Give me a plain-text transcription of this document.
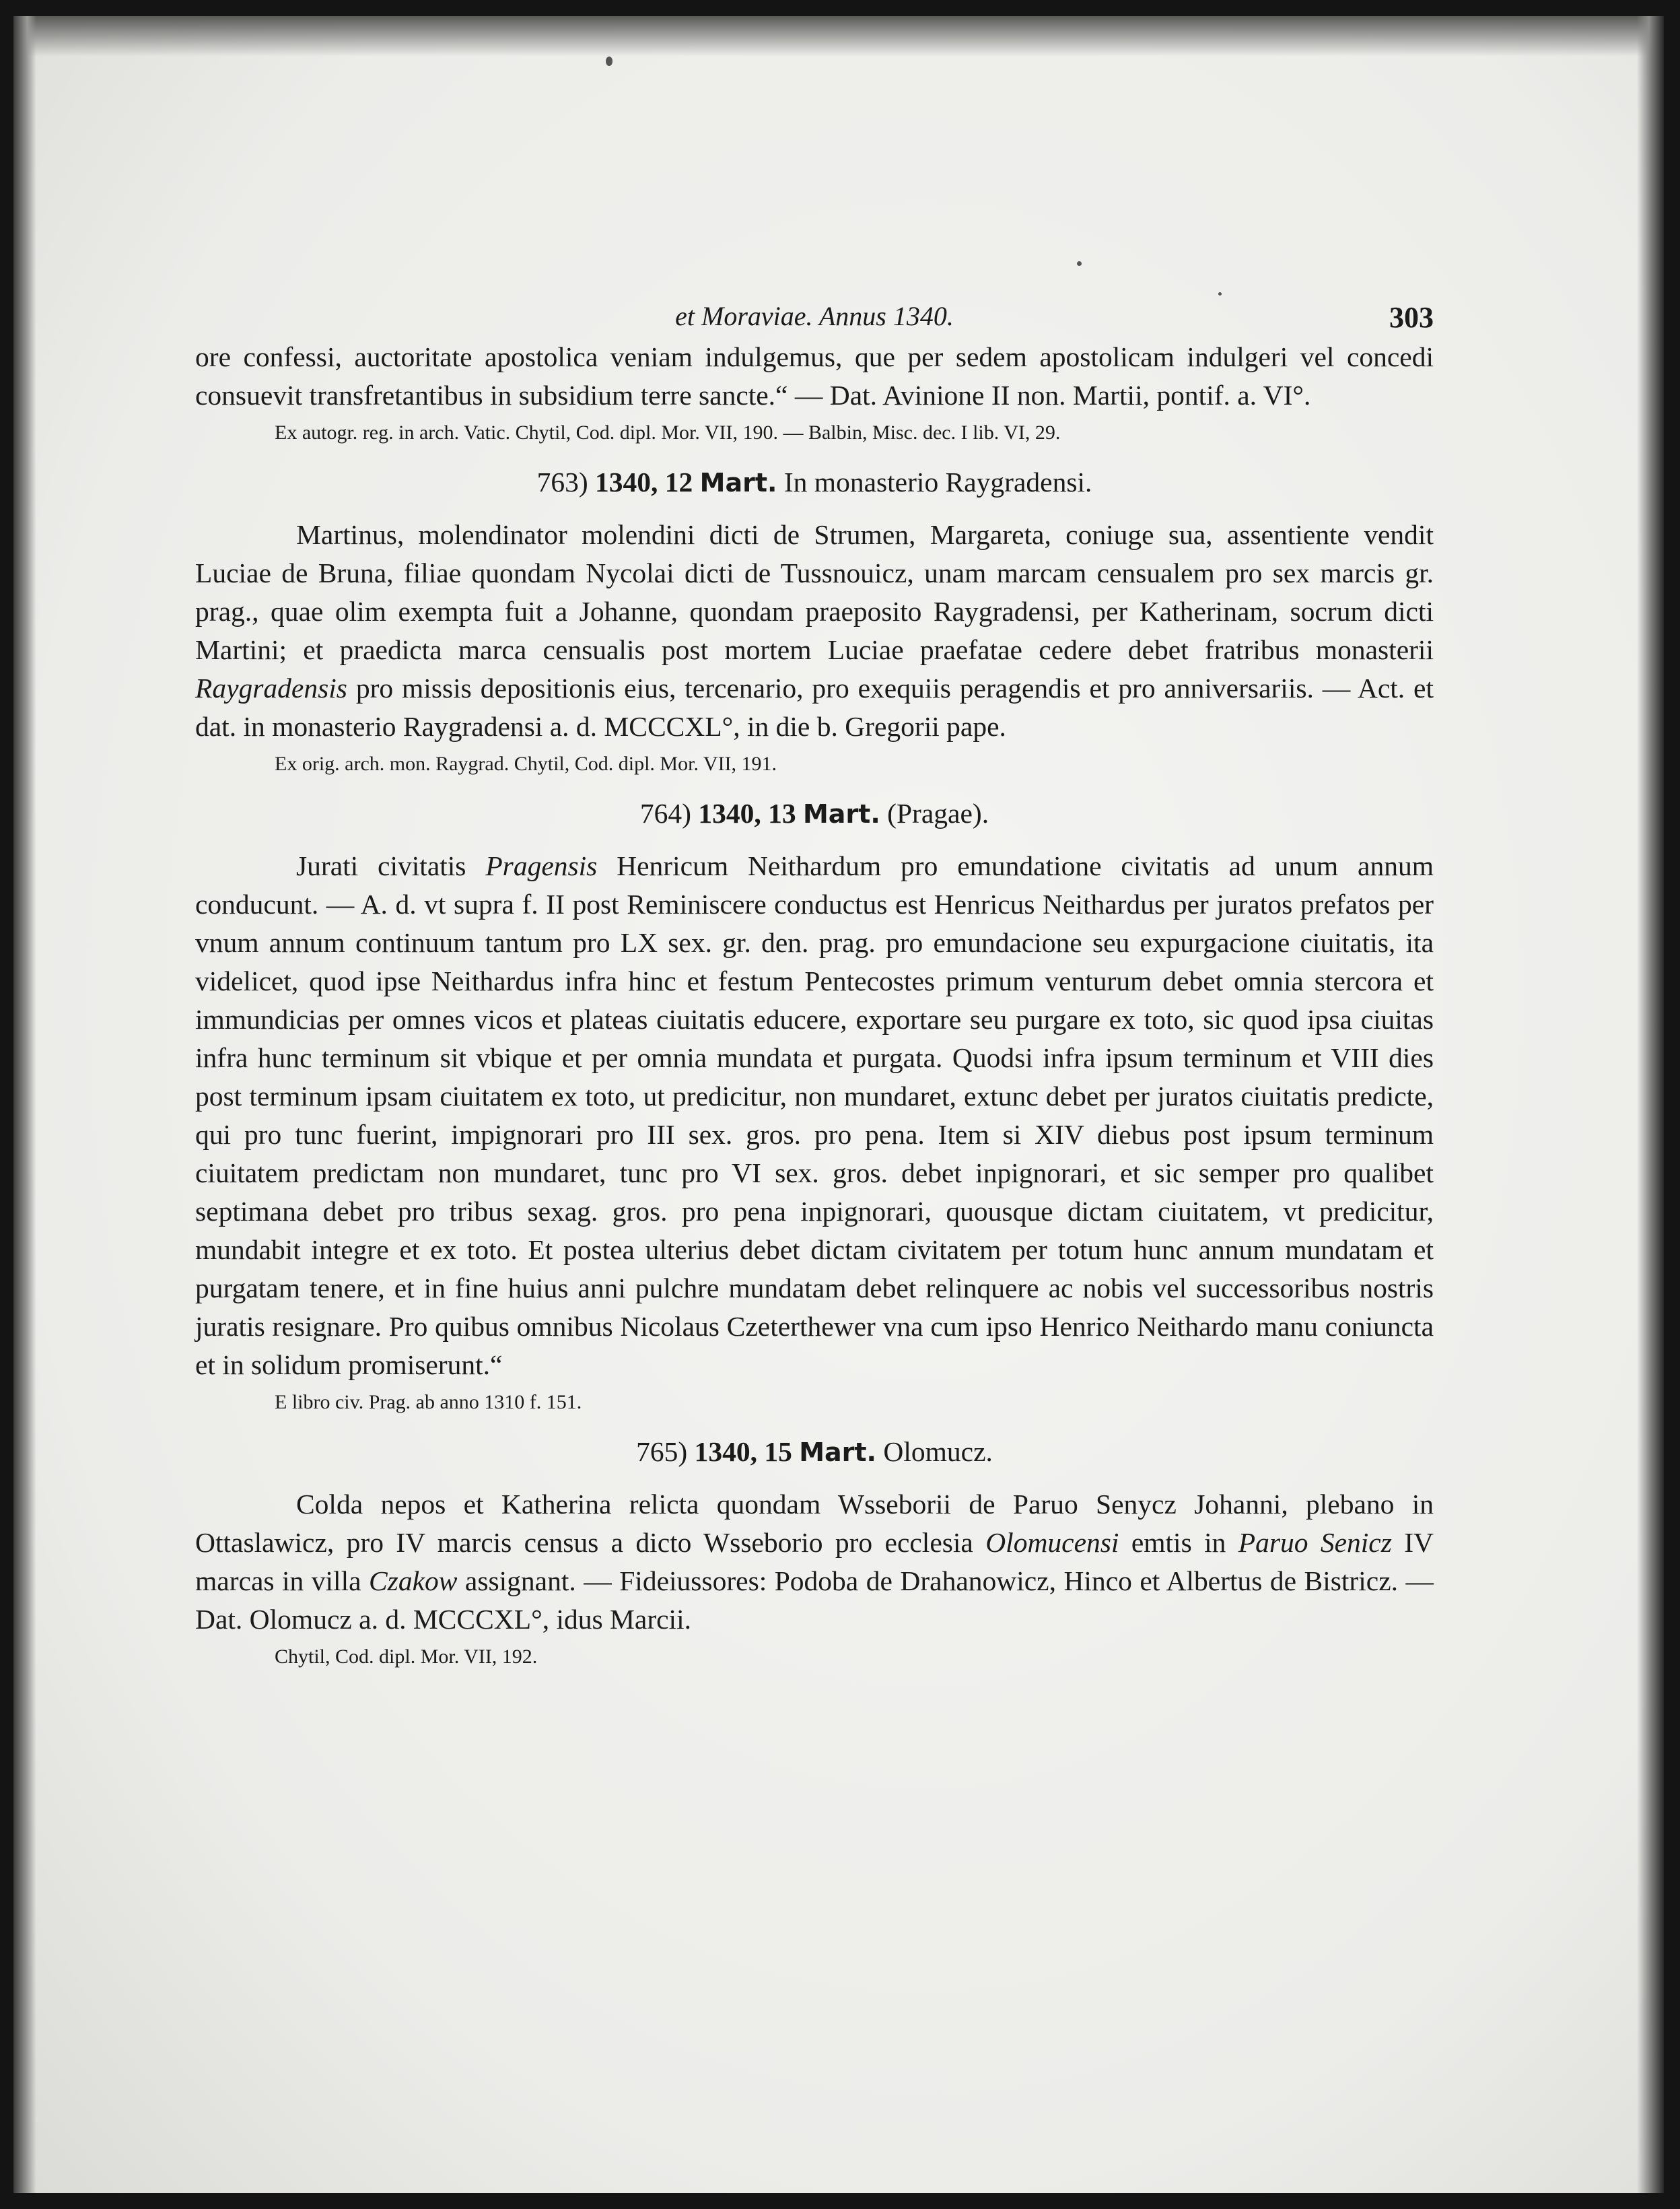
et Moraviae. Annus 1340.	303

ore confessi, auctoritate apostolica veniam indulgemus, que per sedem apostolicam indulgeri vel concedi consuevit transfretantibus in subsidium terre sancte.“ — Dat. Avinione II non. Martii, pontif. a. VI°.

Ex autogr. reg. in arch. Vatic. Chytil, Cod. dipl. Mor. VII, 190. — Balbin, Misc. dec. I lib. VI, 29.

763) 1340, 12 Mart. In monasterio Raygradensi.

Martinus, molendinator molendini dicti de Strumen, Margareta, coniuge sua, assentiente vendit Luciae de Bruna, filiae quondam Nycolai dicti de Tussnouicz, unam marcam censualem pro sex marcis gr. prag., quae olim exempta fuit a Johanne, quondam praeposito Raygradensi, per Katherinam, socrum dicti Martini; et praedicta marca censualis post mortem Luciae praefatae cedere debet fratribus monasterii Raygradensis pro missis depositionis eius, tercenario, pro exequiis peragendis et pro anniversariis. — Act. et dat. in monasterio Raygradensi a. d. MCCCXL°, in die b. Gregorii pape.

Ex orig. arch. mon. Raygrad. Chytil, Cod. dipl. Mor. VII, 191.

764) 1340, 13 Mart. (Pragae).

Jurati civitatis Pragensis Henricum Neithardum pro emundatione civitatis ad unum annum conducunt. — A. d. vt supra f. II post Reminiscere conductus est Henricus Neithardus per juratos prefatos per vnum annum continuum tantum pro LX sex. gr. den. prag. pro emundacione seu expurgacione ciuitatis, ita videlicet, quod ipse Neithardus infra hinc et festum Pentecostes primum venturum debet omnia stercora et immundicias per omnes vicos et plateas ciuitatis educere, exportare seu purgare ex toto, sic quod ipsa ciuitas infra hunc terminum sit vbique et per omnia mundata et purgata. Quodsi infra ipsum terminum et VIII dies post terminum ipsam ciuitatem ex toto, ut predicitur, non mundaret, extunc debet per juratos ciuitatis predicte, qui pro tunc fuerint, impignorari pro III sex. gros. pro pena. Item si XIV diebus post ipsum terminum ciuitatem predictam non mundaret, tunc pro VI sex. gros. debet inpignorari, et sic semper pro qualibet septimana debet pro tribus sexag. gros. pro pena inpignorari, quousque dictam ciuitatem, vt predicitur, mundabit integre et ex toto. Et postea ulterius debet dictam civitatem per totum hunc annum mundatam et purgatam tenere, et in fine huius anni pulchre mundatam debet relinquere ac nobis vel successoribus nostris juratis resignare. Pro quibus omnibus Nicolaus Czeterthewer vna cum ipso Henrico Neithardo manu coniuncta et in solidum promiserunt.“

E libro civ. Prag. ab anno 1310 f. 151.

765) 1340, 15 Mart. Olomucz.

Colda nepos et Katherina relicta quondam Wsseborii de Paruo Senycz Johanni, plebano in Ottaslawicz, pro IV marcis census a dicto Wsseborio pro ecclesia Olomucensi emtis in Paruo Senicz IV marcas in villa Czakow assignant. — Fideiussores: Podoba de Drahanowicz, Hinco et Albertus de Bistricz. — Dat. Olomucz a. d. MCCCXL°, idus Marcii.

Chytil, Cod. dipl. Mor. VII, 192.
